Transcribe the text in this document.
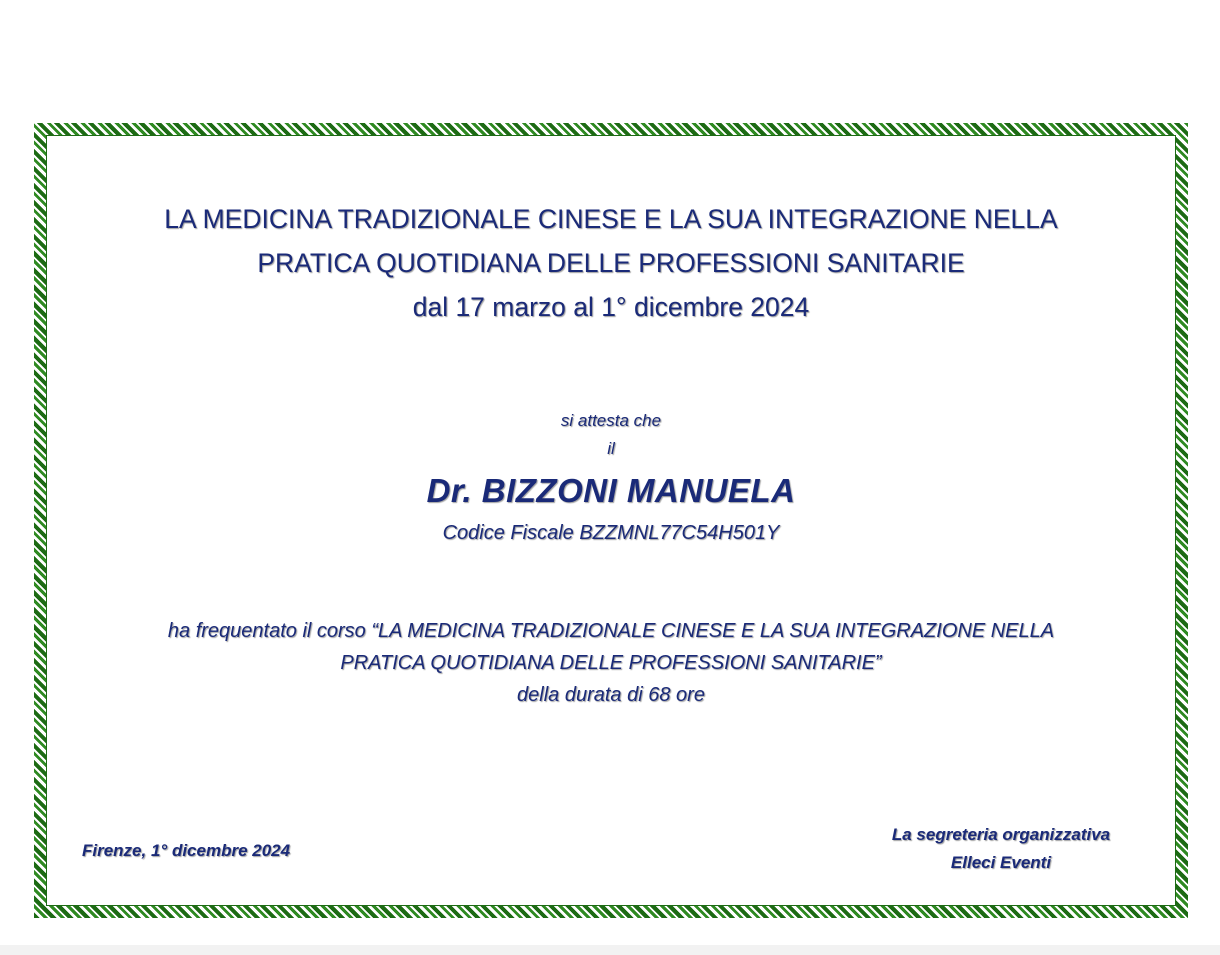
LA MEDICINA TRADIZIONALE CINESE E LA SUA INTEGRAZIONE NELLA
PRATICA QUOTIDIANA DELLE PROFESSIONI SANITARIE
dal 17 marzo al 1° dicembre 2024

si attesta che
il

Dr. BIZZONI MANUELA

Codice Fiscale BZZMNL77C54H501Y

ha frequentato il corso “LA MEDICINA TRADIZIONALE CINESE E LA SUA INTEGRAZIONE NELLA
PRATICA QUOTIDIANA DELLE PROFESSIONI SANITARIE”
della durata di 68 ore

Firenze, 1° dicembre 2024

La segreteria organizzativa
Elleci Eventi
